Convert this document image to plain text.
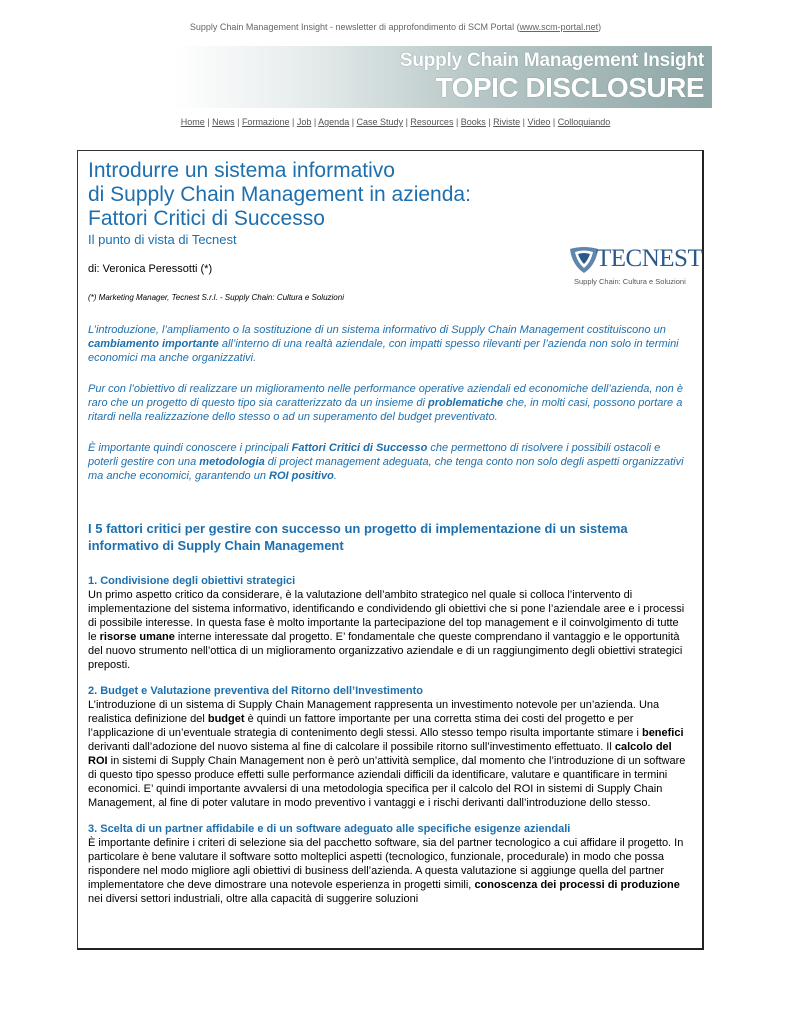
Supply Chain Management Insight - newsletter di approfondimento di SCM Portal (www.scm-portal.net)
Supply Chain Management Insight
TOPIC DISCLOSURE
Home | News | Formazione | Job | Agenda | Case Study | Resources | Books | Riviste | Video | Colloquiando
Introdurre un sistema informativo
di Supply Chain Management in azienda:
Fattori Critici di Successo
Il punto di vista di Tecnest
di: Veronica Peressotti (*)
(*) Marketing Manager, Tecnest S.r.l. - Supply Chain: Cultura e Soluzioni
L’introduzione, l’ampliamento o la sostituzione di un sistema informativo di Supply Chain Management costituiscono un cambiamento importante all’interno di una realtà aziendale, con impatti spesso rilevanti per l’azienda non solo in termini economici ma anche organizzativi.
Pur con l’obiettivo di realizzare un miglioramento nelle performance operative aziendali ed economiche dell’azienda, non è raro che un progetto di questo tipo sia caratterizzato da un insieme di problematiche che, in molti casi, possono portare a ritardi nella realizzazione dello stesso o ad un superamento del budget preventivato.
È importante quindi conoscere i principali Fattori Critici di Successo che permettono di risolvere i possibili ostacoli e poterli gestire con una metodologia di project management adeguata, che tenga conto non solo degli aspetti organizzativi ma anche economici, garantendo un ROI positivo.
I 5 fattori critici per gestire con successo un progetto di implementazione di un sistema informativo di Supply Chain Management
1. Condivisione degli obiettivi strategici
Un primo aspetto critico da considerare, è la valutazione dell’ambito strategico nel quale si colloca l’intervento di implementazione del sistema informativo, identificando e condividendo gli obiettivi che si pone l’aziendale aree e i processi di possibile interesse. In questa fase è molto importante la partecipazione del top management e il coinvolgimento di tutte le risorse umane interne interessate dal progetto. E’ fondamentale che queste comprendano il vantaggio e le opportunità del nuovo strumento nell’ottica di un miglioramento organizzativo aziendale e di un raggiungimento degli obiettivi strategici preposti.
2. Budget e Valutazione preventiva del Ritorno dell’Investimento
L’introduzione di un sistema di Supply Chain Management rappresenta un investimento notevole per un’azienda. Una realistica definizione del budget è quindi un fattore importante per una corretta stima dei costi del progetto e per l’applicazione di un’eventuale strategia di contenimento degli stessi. Allo stesso tempo risulta importante stimare i benefici derivanti dall’adozione del nuovo sistema al fine di calcolare il possibile ritorno sull’investimento effettuato. Il calcolo del ROI in sistemi di Supply Chain Management non è però un’attività semplice, dal momento che l’introduzione di un software di questo tipo spesso produce effetti sulle performance aziendali difficili da identificare, valutare e quantificare in termini economici. E’ quindi importante avvalersi di una metodologia specifica per il calcolo del ROI in sistemi di Supply Chain Management, al fine di poter valutare in modo preventivo i vantaggi e i rischi derivanti dall’introduzione dello stesso.
3. Scelta di un partner affidabile e di un software adeguato alle specifiche esigenze aziendali
È importante definire i criteri di selezione sia del pacchetto software, sia del partner tecnologico a cui affidare il progetto. In particolare è bene valutare il software sotto molteplici aspetti (tecnologico, funzionale, procedurale) in modo che possa rispondere nel modo migliore agli obiettivi di business dell’azienda. A questa valutazione si aggiunge quella del partner implementatore che deve dimostrare una notevole esperienza in progetti simili, conoscenza dei processi di produzione nei diversi settori industriali, oltre alla capacità di suggerire soluzioni
TECNEST
Supply Chain: Cultura e Soluzioni
